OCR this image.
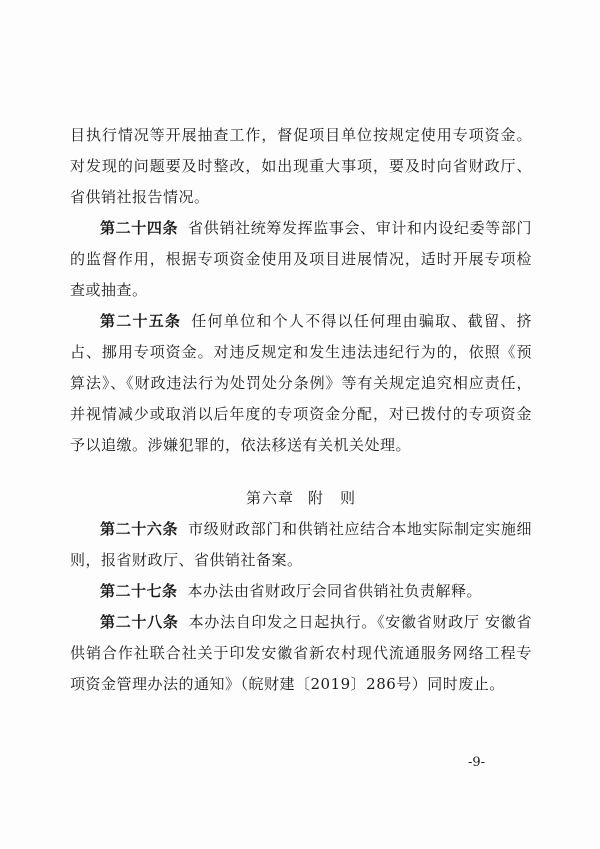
目执行情况等开展抽查工作，督促项目单位按规定使用专项资金。对发现的问题要及时整改，如出现重大事项，要及时向省财政厅、省供销社报告情况。

第二十四条 省供销社统筹发挥监事会、审计和内设纪委等部门的监督作用，根据专项资金使用及项目进展情况，适时开展专项检查或抽查。

第二十五条 任何单位和个人不得以任何理由骗取、截留、挤占、挪用专项资金。对违反规定和发生违法违纪行为的，依照《预算法》、《财政违法行为处罚处分条例》等有关规定追究相应责任，并视情减少或取消以后年度的专项资金分配，对已拨付的专项资金予以追缴。涉嫌犯罪的，依法移送有关机关处理。

第六章 附　则

第二十六条 市级财政部门和供销社应结合本地实际制定实施细则，报省财政厅、省供销社备案。

第二十七条 本办法由省财政厅会同省供销社负责解释。

第二十八条 本办法自印发之日起执行。《安徽省财政厅 安徽省供销合作社联合社关于印发安徽省新农村现代流通服务网络工程专项资金管理办法的通知》（皖财建〔2019〕286号）同时废止。

-9-
